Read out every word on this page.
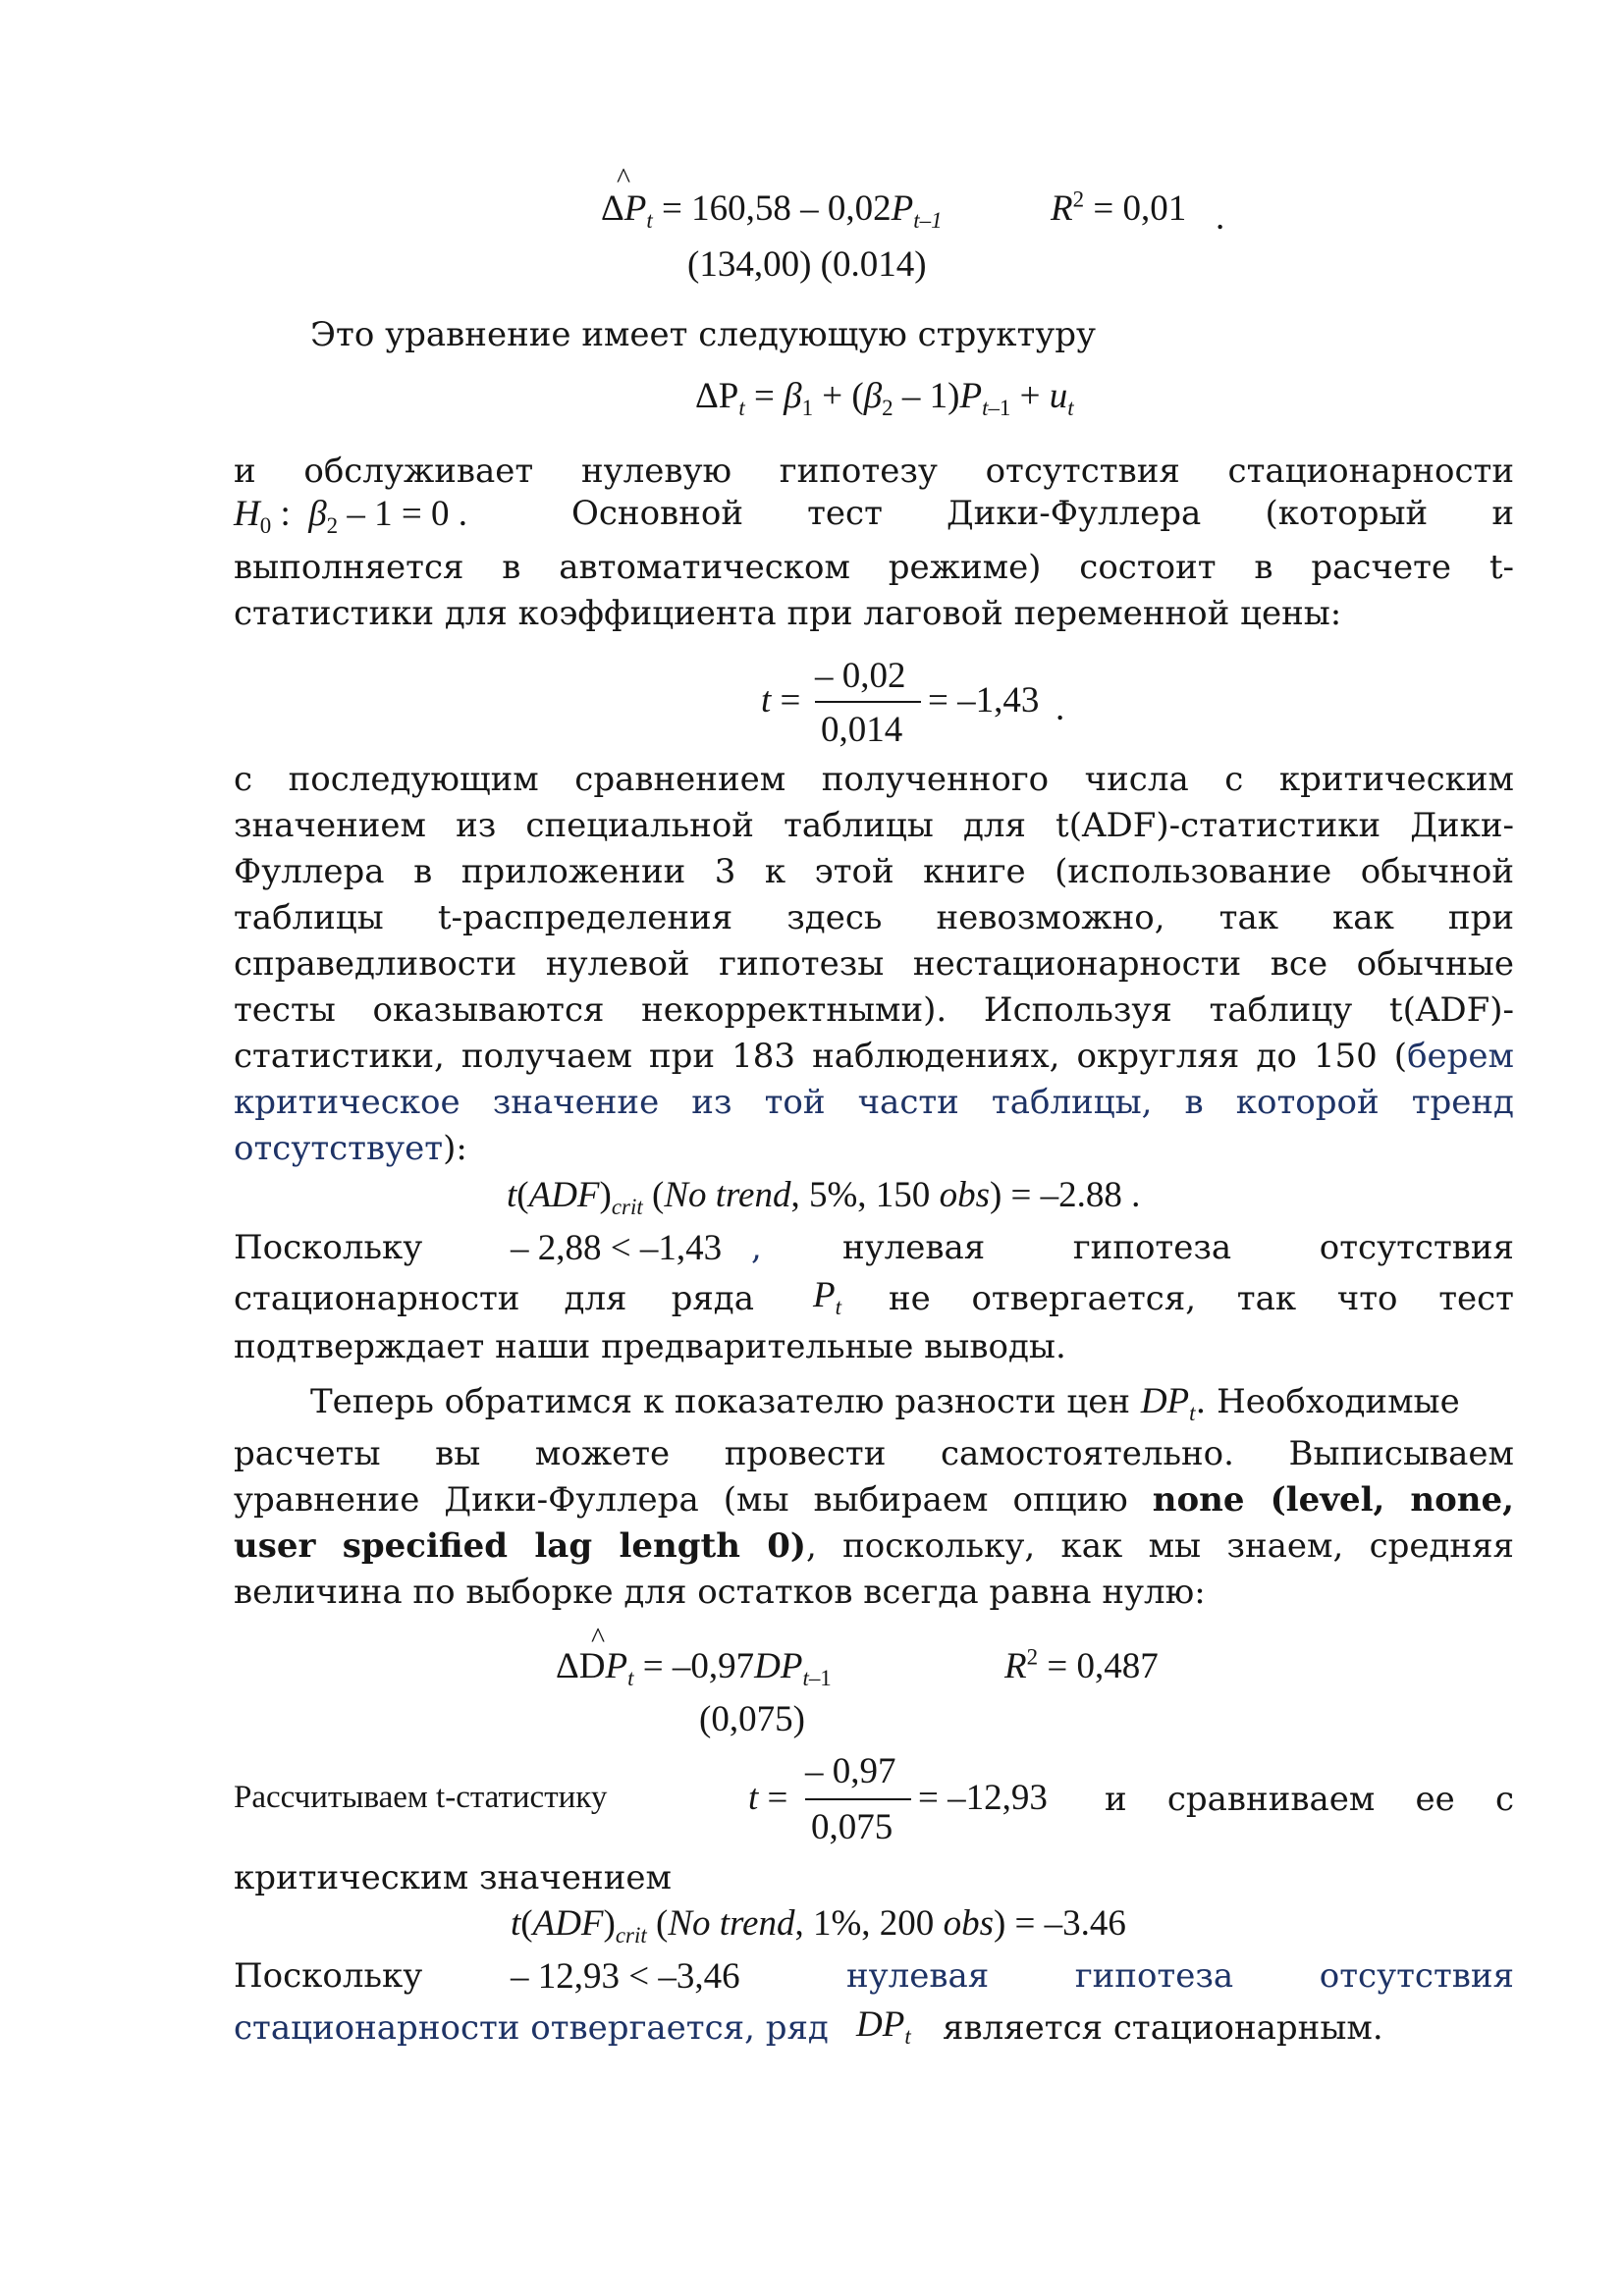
^
$\Delta P_t = 160,58 - 0,02P_{t-1}$	$R^2 = 0,01$ .
(134,00) (0.014)
Это уравнение имеет следующую структуру
$\Delta P_t = \beta_1 + (\beta_2 - 1)P_{t-1} + u_t$
и обслуживает нулевую гипотезу отсутствия стационарности
$H_0$ :  $\beta_2 - 1 = 0$ .	Основной тест Дики-Фуллера (который и
выполняется в автоматическом режиме) состоит в расчете t-
статистики для коэффициента при лаговой переменной цены:
t =
– 0,02
0,014
= –1,43 .
с последующим сравнением полученного числа с критическим
значением из специальной таблицы для t(ADF)-статистики Дики-
Фуллера в приложении 3 к этой книге (использование обычной
таблицы t-распределения здесь невозможно, так как при
справедливости нулевой гипотезы нестационарности все обычные
тесты оказываются некорректными). Используя таблицу t(ADF)-
статистики, получаем при 183 наблюдениях, округляя до 150 (берем
критическое значение из той части таблицы, в которой тренд
отсутствует):
$t(ADF)_{crit}$ (No trend, 5%, 150 obs) = –2.88 .
Поскольку – 2,88 < –1,43 , нулевая гипотеза отсутствия
стационарности для ряда $P_t$ не отвергается, так что тест
подтверждает наши предварительные выводы.
Теперь обратимся к показателю разности цен $DP_t$. Необходимые
расчеты вы можете провести самостоятельно. Выписываем
уравнение Дики-Фуллера (мы выбираем опцию none (level, none,
user specified lag length 0), поскольку, как мы знаем, средняя
величина по выборке для остатков всегда равна нулю:
^
$\Delta DP_t = -0,97DP_{t-1}$	$R^2 = 0,487$
(0,075)
Рассчитываем t-статистику	t =
– 0,97
0,075
= –12,93 и сравниваем ее с
критическим значением
$t(ADF)_{crit}$ (No trend, 1%, 200 obs) = –3.46
Поскольку – 12,93 < –3,46	нулевая гипотеза отсутствия
стационарности отвергается, ряд $DP_t$ является стационарным.
